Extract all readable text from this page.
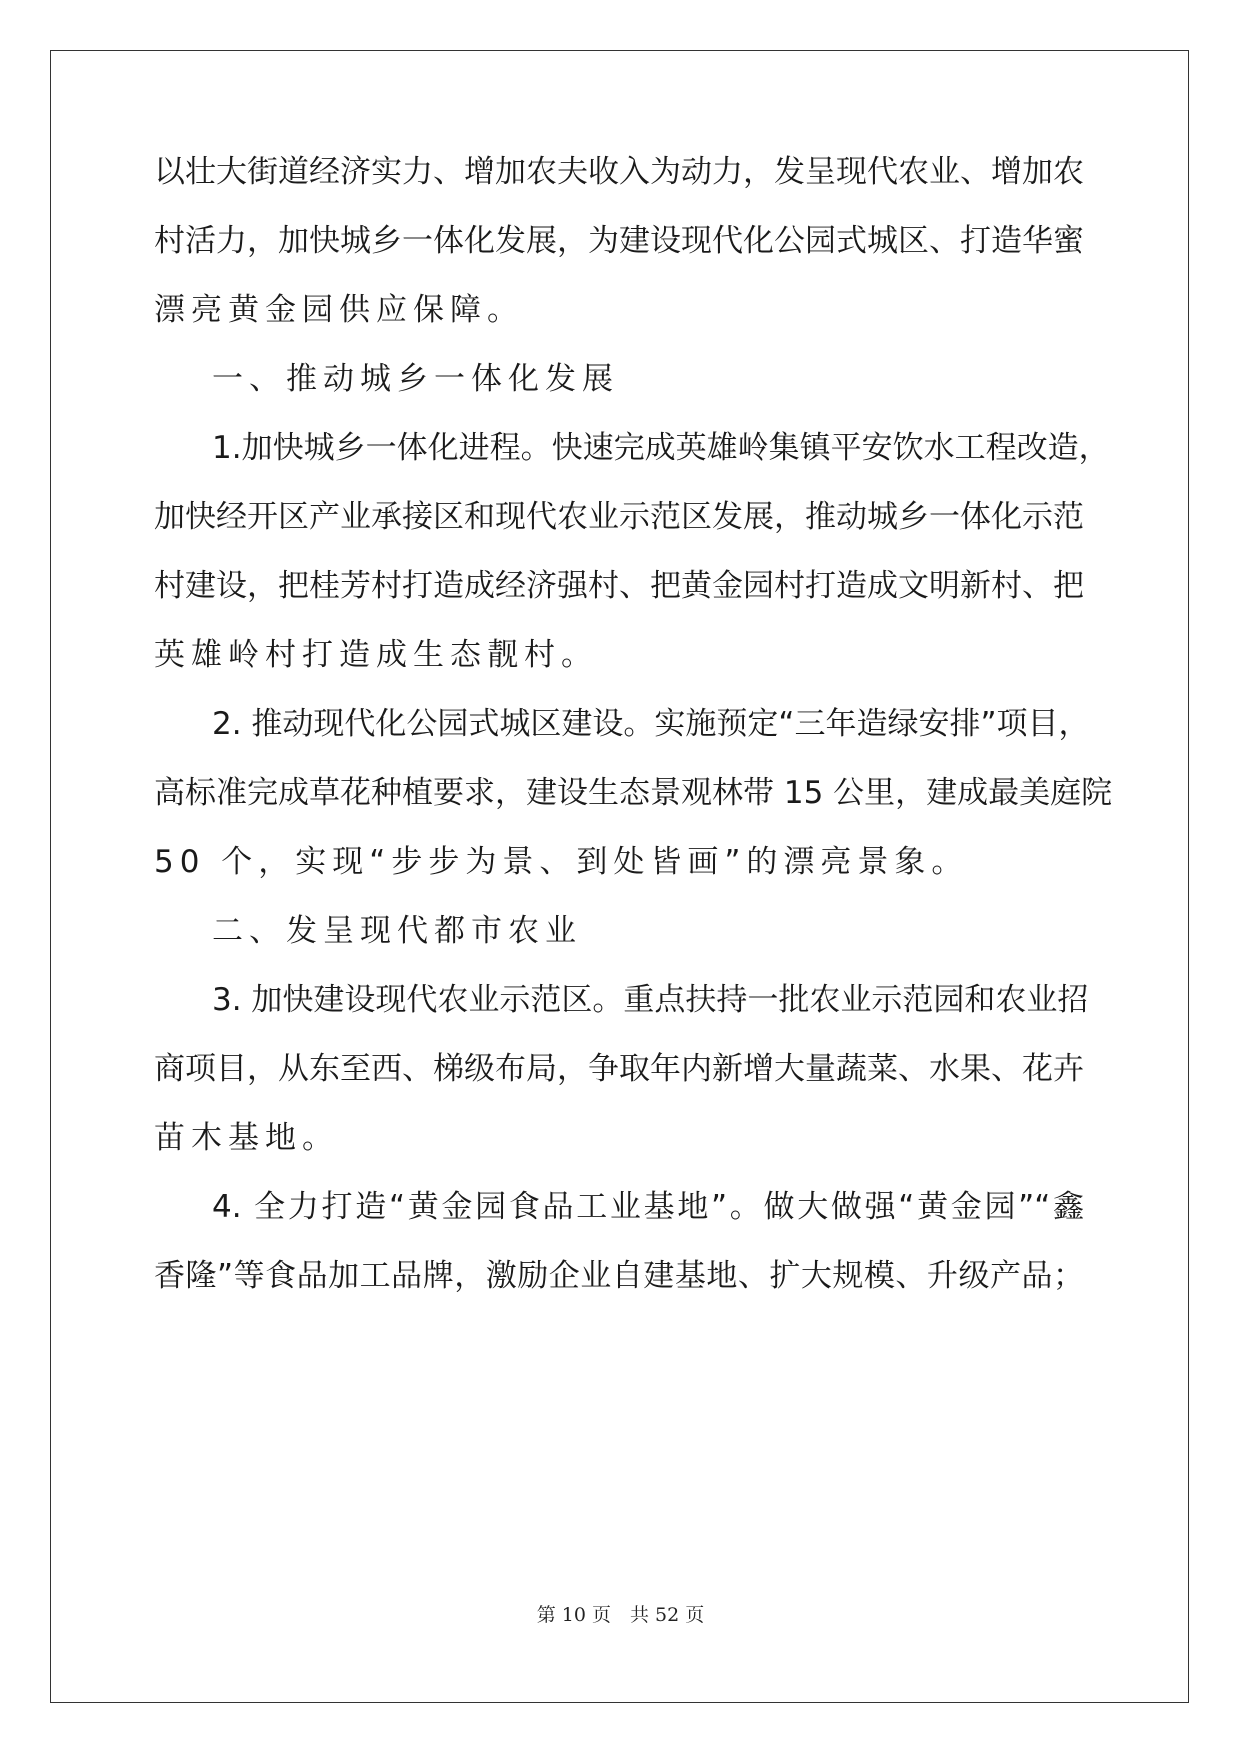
以壮大街道经济实力、增加农夫收入为动力，发呈现代农业、增加农
村活力，加快城乡一体化发展，为建设现代化公园式城区、打造华蜜
漂亮黄金园供应保障。
一、推动城乡一体化发展
1.加快城乡一体化进程。快速完成英雄岭集镇平安饮水工程改造，
加快经开区产业承接区和现代农业示范区发展，推动城乡一体化示范
村建设，把桂芳村打造成经济强村、把黄金园村打造成文明新村、把
英雄岭村打造成生态靓村。
2. 推动现代化公园式城区建设。实施预定“三年造绿安排”项目，
高标准完成草花种植要求，建设生态景观林带 15 公里，建成最美庭院
50 个，实现“步步为景、到处皆画”的漂亮景象。
二、发呈现代都市农业
3. 加快建设现代农业示范区。重点扶持一批农业示范园和农业招
商项目，从东至西、梯级布局，争取年内新增大量蔬菜、水果、花卉
苗木基地。
4. 全力打造“黄金园食品工业基地”。做大做强“黄金园”“鑫
香隆”等食品加工品牌，激励企业自建基地、扩大规模、升级产品；
第 10 页　共 52 页
